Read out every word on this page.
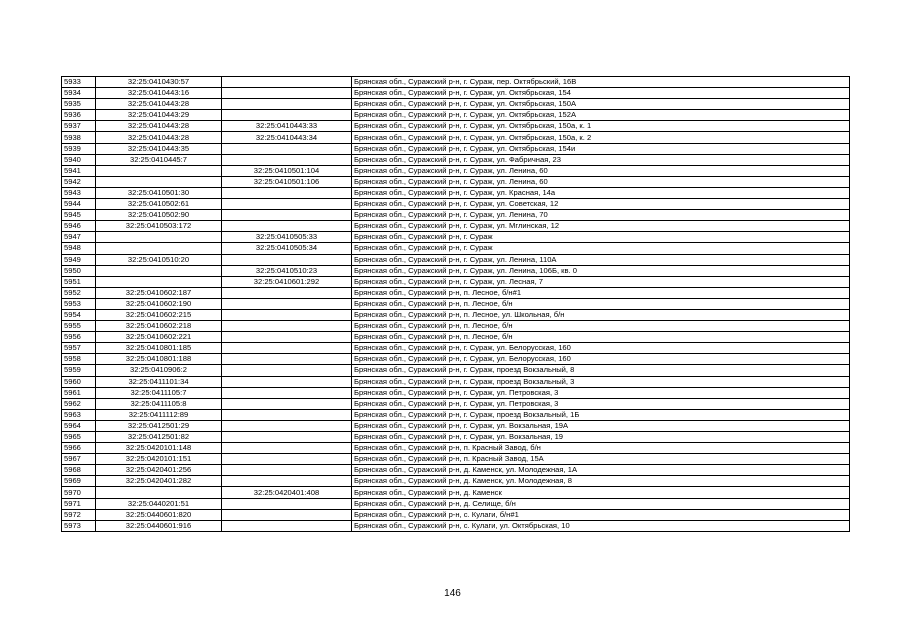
5933	32:25:0410430:57		Брянская обл., Суражский р-н, г. Сураж, пер. Октябрьский, 16В
5934	32:25:0410443:16		Брянская обл., Суражский р-н, г. Сураж, ул. Октябрьская, 154
5935	32:25:0410443:28		Брянская обл., Суражский р-н, г. Сураж, ул. Октябрьская, 150А
5936	32:25:0410443:29		Брянская обл., Суражский р-н, г. Сураж, ул. Октябрьская, 152А
5937	32:25:0410443:28	32:25:0410443:33	Брянская обл., Суражский р-н, г. Сураж, ул. Октябрьская, 150а, к. 1
5938	32:25:0410443:28	32:25:0410443:34	Брянская обл., Суражский р-н, г. Сураж, ул. Октябрьская, 150а, к. 2
5939	32:25:0410443:35		Брянская обл., Суражский р-н, г. Сураж, ул. Октябрьская, 154и
5940	32:25:0410445:7		Брянская обл., Суражский р-н, г. Сураж, ул. Фабричная, 23
5941		32:25:0410501:104	Брянская обл., Суражский р-н, г. Сураж, ул. Ленина, 60
5942		32:25:0410501:106	Брянская обл., Суражский р-н, г. Сураж, ул. Ленина, 60
5943	32:25:0410501:30		Брянская обл., Суражский р-н, г. Сураж, ул. Красная, 14а
5944	32:25:0410502:61		Брянская обл., Суражский р-н, г. Сураж, ул. Советская, 12
5945	32:25:0410502:90		Брянская обл., Суражский р-н, г. Сураж, ул. Ленина, 70
5946	32:25:0410503:172		Брянская обл., Суражский р-н, г. Сураж, ул. Мглинская, 12
5947		32:25:0410505:33	Брянская обл., Суражский р-н, г. Сураж
5948		32:25:0410505:34	Брянская обл., Суражский р-н, г. Сураж
5949	32:25:0410510:20		Брянская обл., Суражский р-н, г. Сураж, ул. Ленина, 110А
5950		32:25:0410510:23	Брянская обл., Суражский р-н, г. Сураж, ул. Ленина, 106Б, кв. 0
5951		32:25:0410601:292	Брянская обл., Суражский р-н, г. Сураж, ул. Лесная, 7
5952	32:25:0410602:187		Брянская обл., Суражский р-н, п. Лесное, б/н#1
5953	32:25:0410602:190		Брянская обл., Суражский р-н, п. Лесное, б/н
5954	32:25:0410602:215		Брянская обл., Суражский р-н, п. Лесное, ул. Школьная, б/н
5955	32:25:0410602:218		Брянская обл., Суражский р-н, п. Лесное, б/н
5956	32:25:0410602:221		Брянская обл., Суражский р-н, п. Лесное, б/н
5957	32:25:0410801:185		Брянская обл., Суражский р-н, г. Сураж, ул. Белорусская, 160
5958	32:25:0410801:188		Брянская обл., Суражский р-н, г. Сураж, ул. Белорусская, 160
5959	32:25:0410906:2		Брянская обл., Суражский р-н, г. Сураж, проезд Вокзальный, 8
5960	32:25:0411101:34		Брянская обл., Суражский р-н, г. Сураж, проезд Вокзальный, 3
5961	32:25:0411105:7		Брянская обл., Суражский р-н, г. Сураж, ул. Петровская, 3
5962	32:25:0411105:8		Брянская обл., Суражский р-н, г. Сураж, ул. Петровская, 3
5963	32:25:0411112:89		Брянская обл., Суражский р-н, г. Сураж, проезд Вокзальный, 1Б
5964	32:25:0412501:29		Брянская обл., Суражский р-н, г. Сураж, ул. Вокзальная, 19А
5965	32:25:0412501:82		Брянская обл., Суражский р-н, г. Сураж, ул. Вокзальная, 19
5966	32:25:0420101:148		Брянская обл., Суражский р-н, п. Красный Завод, б/н
5967	32:25:0420101:151		Брянская обл., Суражский р-н, п. Красный Завод, 15А
5968	32:25:0420401:256		Брянская обл., Суражский р-н, д. Каменск, ул. Молодежная, 1А
5969	32:25:0420401:282		Брянская обл., Суражский р-н, д. Каменск, ул. Молодежная, 8
5970		32:25:0420401:408	Брянская обл., Суражский р-н, д. Каменск
5971	32:25:0440201:51		Брянская обл., Суражский р-н, д. Селище, б/н
5972	32:25:0440601:820		Брянская обл., Суражский р-н, с. Кулаги, б/н#1
5973	32:25:0440601:916		Брянская обл., Суражский р-н, с. Кулаги, ул. Октябрьская, 10
146
